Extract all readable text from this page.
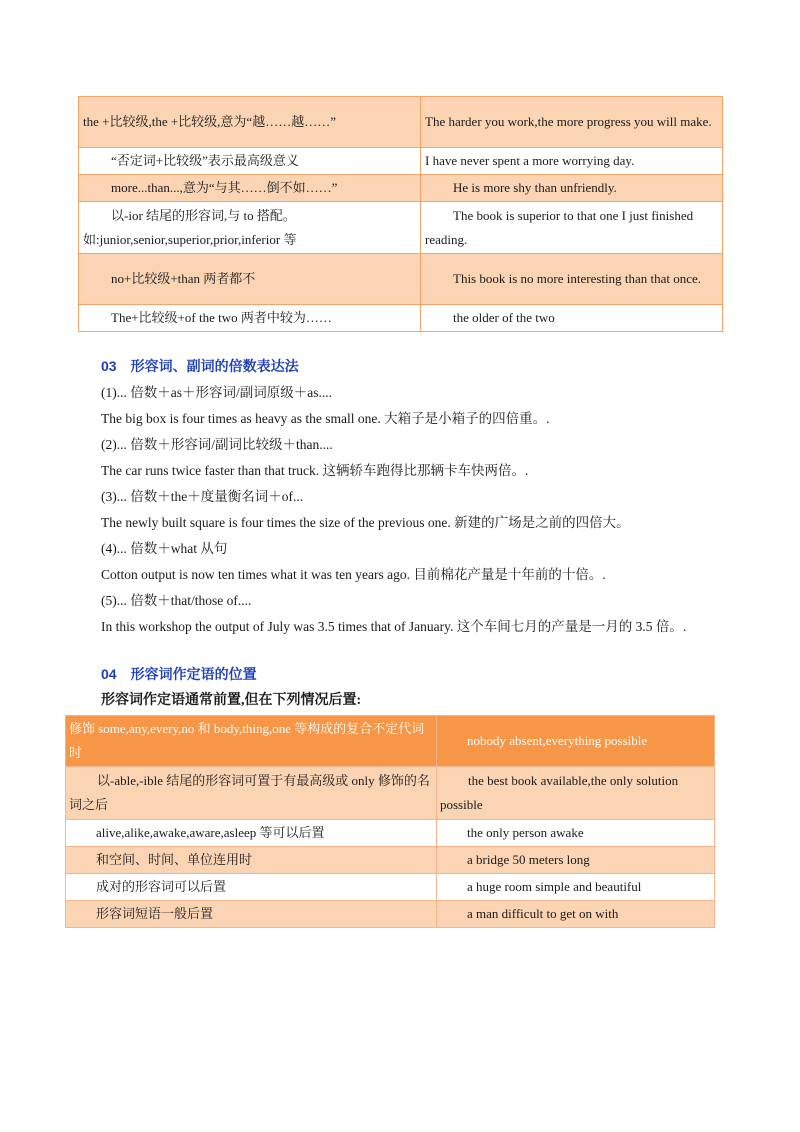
the +比较级,the +比较级,意为“越……越……”	The harder you work,the more progress you will make.
“否定词+比较级”表示最高级意义	I have never spent a more worrying day.
more...than...,意为“与其……倒不如……”	He is more shy than unfriendly.

以-ior 结尾的形容词,与 to 搭配。
如:junior,senior,superior,prior,inferior 等	The book is superior to that one I just finished reading.
no+比较级+than 两者都不	This book is no more interesting than that once.
The+比较级+of the two 两者中较为……	the older of the two
03 形容词、副词的倍数表达法
(1)... 倍数＋as＋形容词/副词原级＋as....
The big box is four times as heavy as the small one. 大箱子是小箱子的四倍重。.
(2)... 倍数＋形容词/副词比较级＋than....
The car runs twice faster than that truck. 这辆轿车跑得比那辆卡车快两倍。.
(3)... 倍数＋the＋度量衡名词＋of...
The newly built square is four times the size of the previous one. 新建的广场是之前的四倍大。
(4)... 倍数＋what 从句
Cotton output is now ten times what it was ten years ago. 目前棉花产量是十年前的十倍。.
(5)... 倍数＋that/those of....
In this workshop the output of July was 3.5 times that of January. 这个车间七月的产量是一月的 3.5 倍。.
04 形容词作定语的位置
形容词作定语通常前置,但在下列情况后置:
修饰 some,any,every,no 和 body,thing,one 等构成的复合不定代词时	nobody absent,everything possible
以-able,-ible 结尾的形容词可置于有最高级或 only 修饰的名词之后	the best book available,the only solution possible
alive,alike,awake,aware,asleep 等可以后置	the only person awake
和空间、时间、单位连用时	a bridge 50 meters long
成对的形容词可以后置	a huge room simple and beautiful
形容词短语一般后置	a man difficult to get on with
